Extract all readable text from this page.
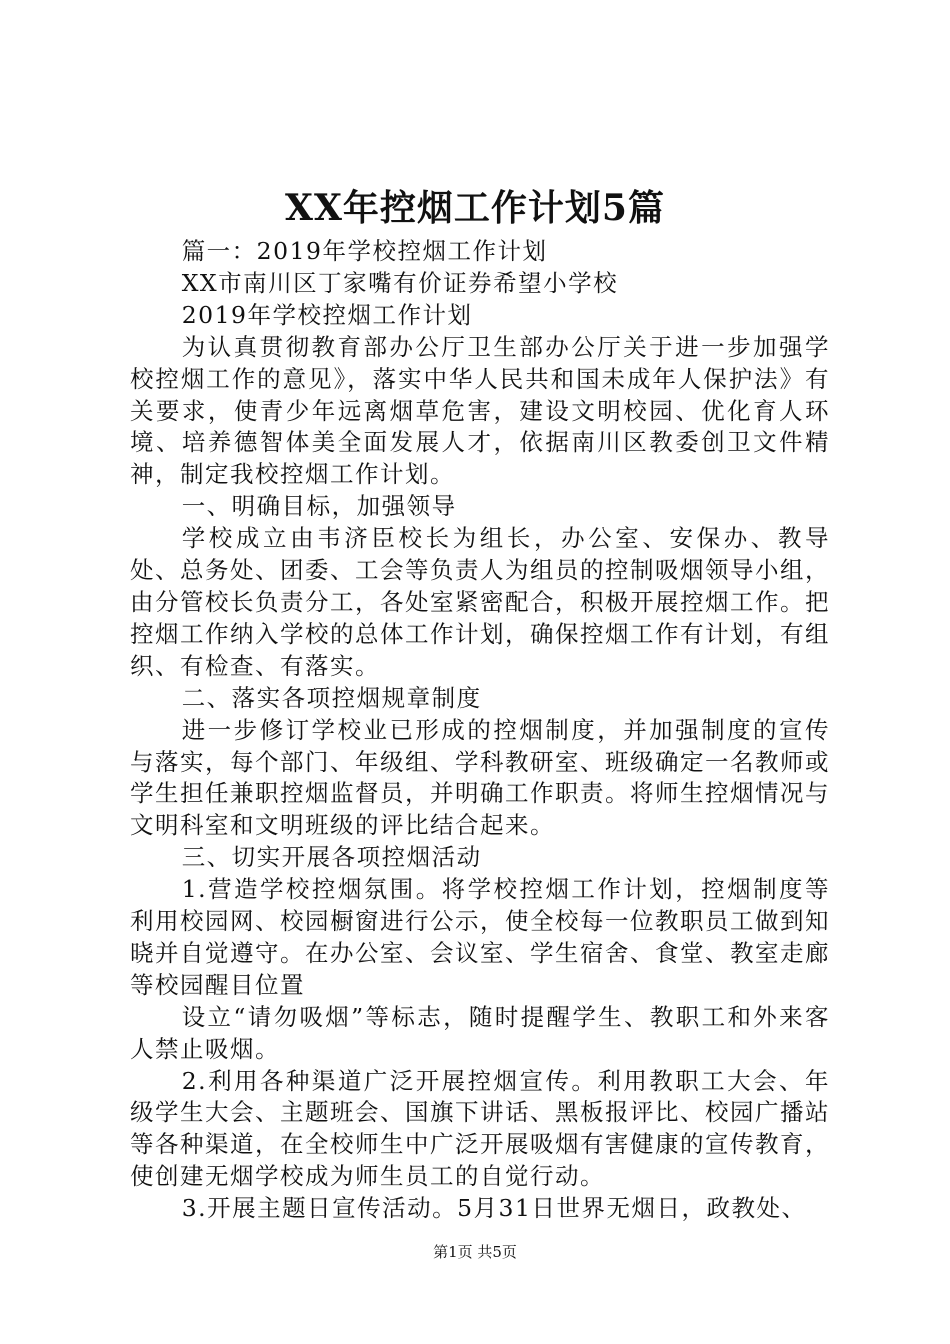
XX年控烟工作计划5篇

篇一：2019年学校控烟工作计划

XX市南川区丁家嘴有价证券希望小学校

2019年学校控烟工作计划

为认真贯彻教育部办公厅卫生部办公厅关于进一步加强学校控烟工作的意见》，落实中华人民共和国未成年人保护法》有关要求，使青少年远离烟草危害，建设文明校园、优化育人环境、培养德智体美全面发展人才，依据南川区教委创卫文件精神，制定我校控烟工作计划。

一、明确目标，加强领导

学校成立由韦济臣校长为组长，办公室、安保办、教导处、总务处、团委、工会等负责人为组员的控制吸烟领导小组，由分管校长负责分工，各处室紧密配合，积极开展控烟工作。把控烟工作纳入学校的总体工作计划，确保控烟工作有计划，有组织、有检查、有落实。

二、落实各项控烟规章制度

进一步修订学校业已形成的控烟制度，并加强制度的宣传与落实，每个部门、年级组、学科教研室、班级确定一名教师或学生担任兼职控烟监督员，并明确工作职责。将师生控烟情况与文明科室和文明班级的评比结合起来。

三、切实开展各项控烟活动

1.营造学校控烟氛围。将学校控烟工作计划，控烟制度等利用校园网、校园橱窗进行公示，使全校每一位教职员工做到知晓并自觉遵守。在办公室、会议室、学生宿舍、食堂、教室走廊等校园醒目位置

设立“请勿吸烟”等标志，随时提醒学生、教职工和外来客人禁止吸烟。

2.利用各种渠道广泛开展控烟宣传。利用教职工大会、年级学生大会、主题班会、国旗下讲话、黑板报评比、校园广播站等各种渠道，在全校师生中广泛开展吸烟有害健康的宣传教育，使创建无烟学校成为师生员工的自觉行动。

3.开展主题日宣传活动。5月31日世界无烟日，政教处、

第1页 共5页
